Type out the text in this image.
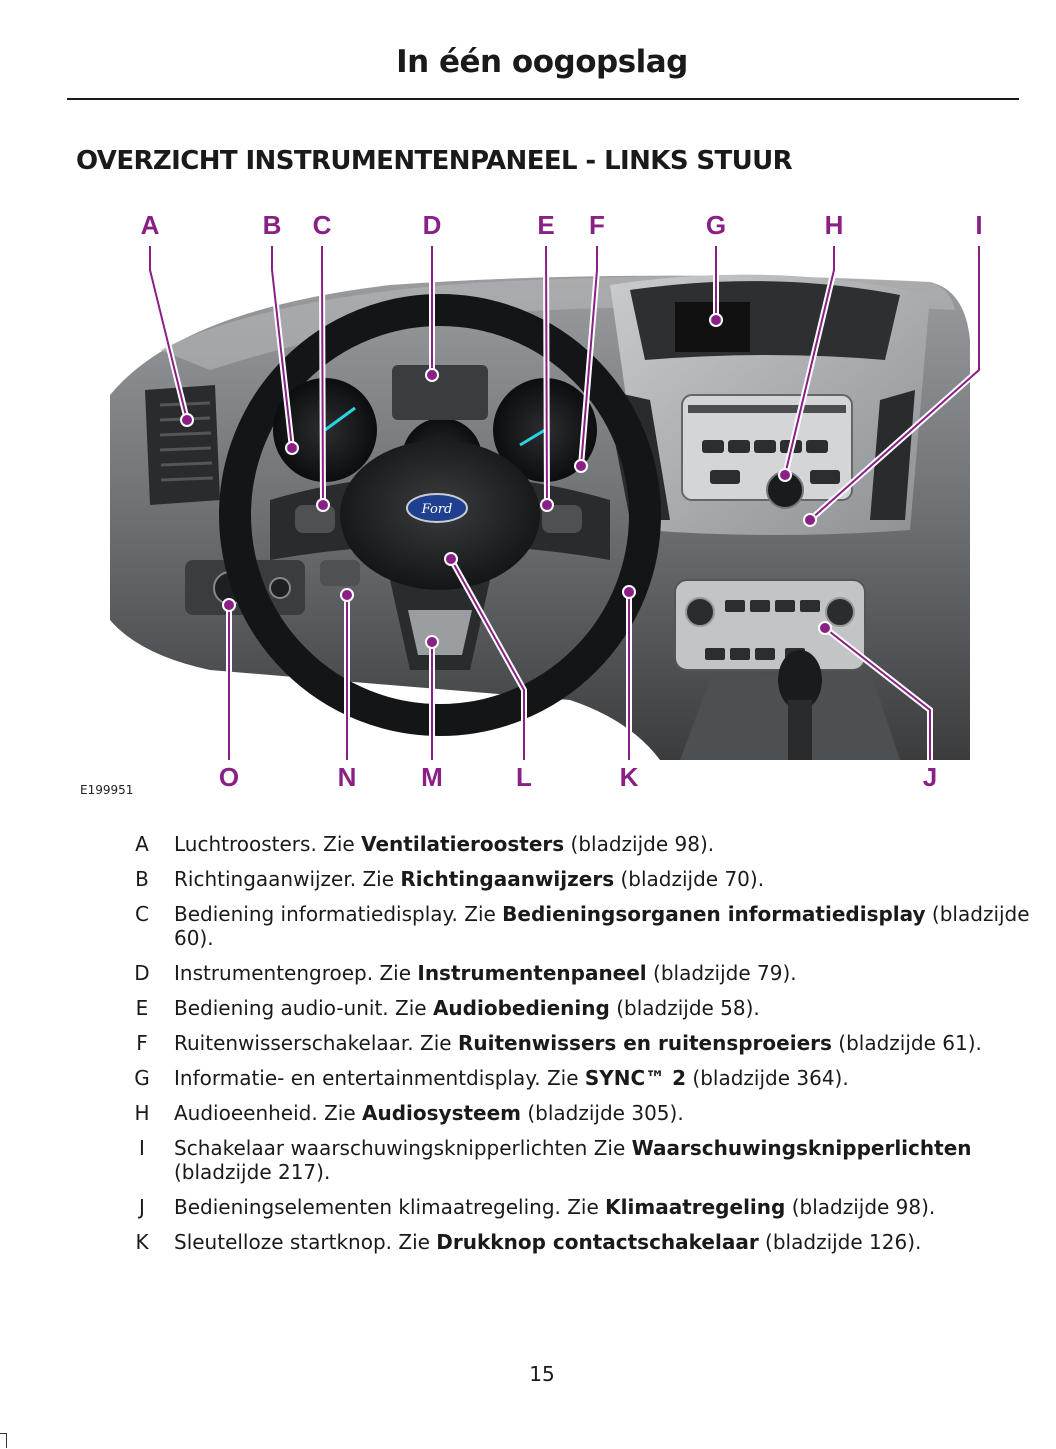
In één oogopslag
OVERZICHT INSTRUMENTENPANEEL - LINKS STUUR
Ford
A	B C	D	E F	G	H	I
O	N M	L	K	J
E199951
A	Luchtroosters. Zie Ventilatieroosters (bladzijde 98).
B	Richtingaanwijzer. Zie Richtingaanwijzers (bladzijde 70).
C	Bediening informatiedisplay. Zie Bedieningsorganen informatiedisplay (bladzijde 60).
D	Instrumentengroep. Zie Instrumentenpaneel (bladzijde 79).
E	Bediening audio-unit. Zie Audiobediening (bladzijde 58).
F	Ruitenwisserschakelaar. Zie Ruitenwissers en ruitensproeiers (bladzijde 61).
G	Informatie- en entertainmentdisplay. Zie SYNC™ 2 (bladzijde 364).
H	Audioeenheid. Zie Audiosysteem (bladzijde 305).
I	Schakelaar waarschuwingsknipperlichten Zie Waarschuwingsknipperlichten (bladzijde 217).
J	Bedieningselementen klimaatregeling. Zie Klimaatregeling (bladzijde 98).
K	Sleutelloze startknop. Zie Drukknop contactschakelaar (bladzijde 126).
15
